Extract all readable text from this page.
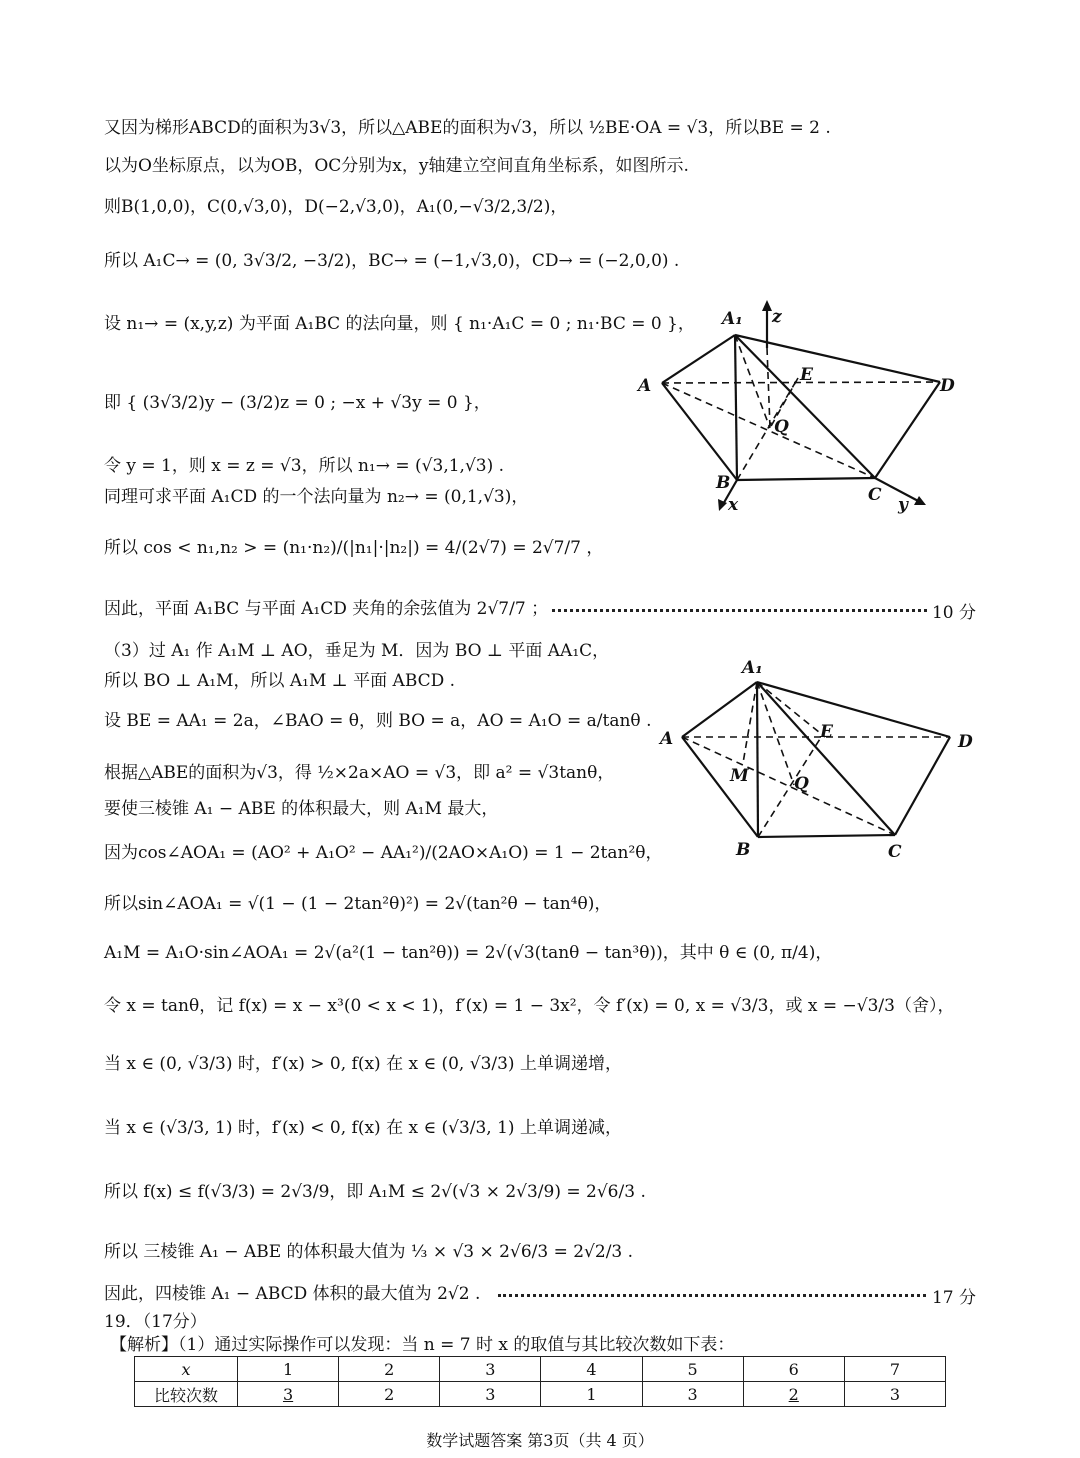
又因为梯形ABCD的面积为3√3，所以△ABE的面积为√3，所以 ½BE·OA = √3，所以BE = 2 .
以为O坐标原点，以为OB，OC分别为x，y轴建立空间直角坐标系，如图所示.
则B(1,0,0)，C(0,√3,0)，D(−2,√3,0)，A₁(0,−√3/2,3/2)，
所以 A₁C→ = (0, 3√3/2, −3/2)，BC→ = (−1,√3,0)，CD→ = (−2,0,0) .
设 n₁→ = (x,y,z) 为平面 A₁BC 的法向量，则 { n₁·A₁C = 0 ; n₁·BC = 0 }，
即 { (3√3/2)y − (3/2)z = 0 ; −x + √3y = 0 }，
令 y = 1，则 x = z = √3，所以 n₁→ = (√3,1,√3) .
同理可求平面 A₁CD 的一个法向量为 n₂→ = (0,1,√3)，
所以 cos < n₁,n₂ > = (n₁·n₂)/(|n₁|·|n₂|) = 4/(2√7) = 2√7/7 ，
因此，平面 A₁BC 与平面 A₁CD 夹角的余弦值为 2√7/7 ；	10 分
（3）过 A₁ 作 A₁M ⊥ AO，垂足为 M．因为 BO ⊥ 平面 AA₁C，
所以 BO ⊥ A₁M，所以 A₁M ⊥ 平面 ABCD .
设 BE = AA₁ = 2a，∠BAO = θ，则 BO = a，AO = A₁O = a/tanθ .
根据△ABE的面积为√3，得 ½×2a×AO = √3，即 a² = √3tanθ，
要使三棱锥 A₁ − ABE 的体积最大，则 A₁M 最大，
因为cos∠AOA₁ = (AO² + A₁O² − AA₁²)/(2AO×A₁O) = 1 − 2tan²θ，
所以sin∠AOA₁ = √(1 − (1 − 2tan²θ)²) = 2√(tan²θ − tan⁴θ)，
A₁M = A₁O·sin∠AOA₁ = 2√(a²(1 − tan²θ)) = 2√(√3(tanθ − tan³θ))，其中 θ ∈ (0, π/4)，
令 x = tanθ，记 f(x) = x − x³(0 < x < 1)，f′(x) = 1 − 3x²，令 f′(x) = 0, x = √3/3，或 x = −√3/3（舍），
当 x ∈ (0, √3/3) 时，f′(x) > 0, f(x) 在 x ∈ (0, √3/3) 上单调递增，
当 x ∈ (√3/3, 1) 时，f′(x) < 0, f(x) 在 x ∈ (√3/3, 1) 上单调递减，
所以 f(x) ≤ f(√3/3) = 2√3/9，即 A₁M ≤ 2√(√3 × 2√3/9) = 2√6/3 .
所以 三棱锥 A₁ − ABE 的体积最大值为 ⅓ × √3 × 2√6/3 = 2√2/3 .
因此，四棱锥 A₁ − ABCD 体积的最大值为 2√2 .	17 分
19．（17分）
【解析】（1）通过实际操作可以发现：当 n = 7 时 x 的取值与其比较次数如下表：
A₁ z
A
E
D
Q
B
x	C y
A₁
A	E	D
M	Q
B	C
x	1	2	3	4	5	6	7
比较次数	3	2	3	1	3	2	3
数学试题答案 第3页（共 4 页）
